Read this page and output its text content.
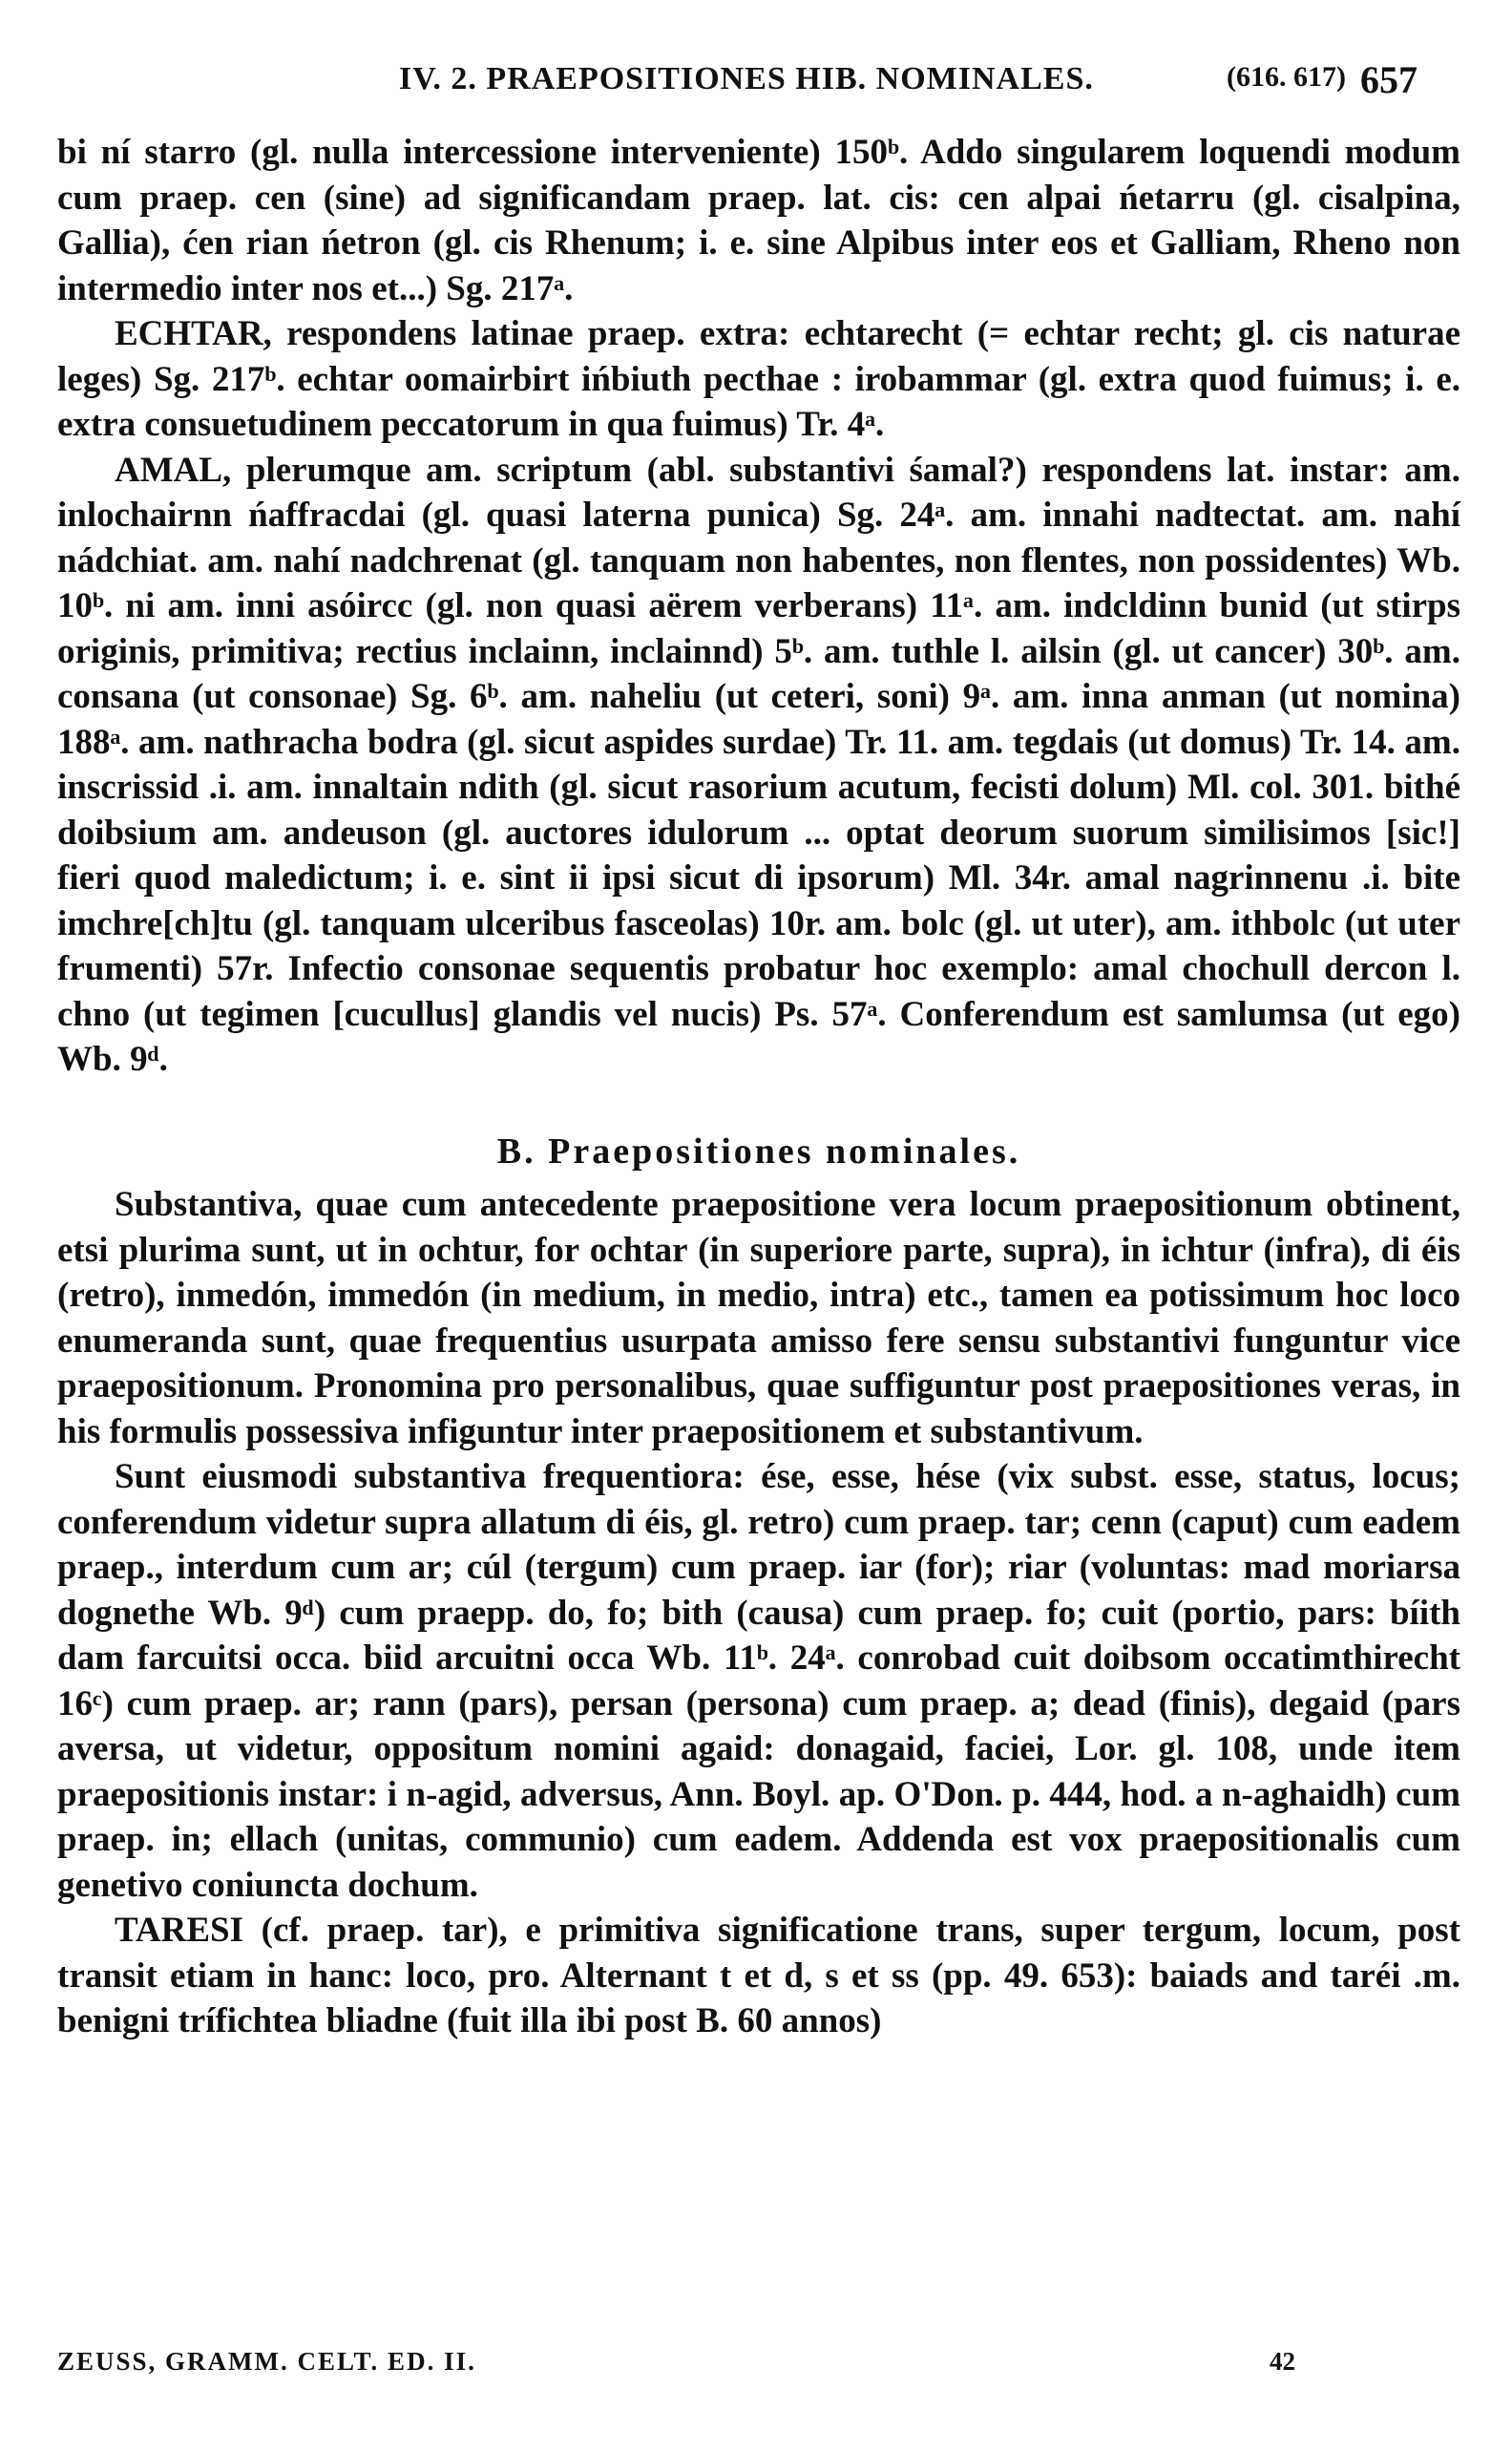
IV. 2. PRAEPOSITIONES HIB. NOMINALES.	(616. 617) 657

bi ní starro (gl. nulla intercessione interveniente) 150ᵇ. Addo singularem loquendi modum cum praep. cen (sine) ad significandam praep. lat. cis: cen alpai ńetarru (gl. cisalpina, Gallia), ćen rian ńetron (gl. cis Rhenum; i. e. sine Alpibus inter eos et Galliam, Rheno non intermedio inter nos et...) Sg. 217ᵃ.

ECHTAR, respondens latinae praep. extra: echtarecht (= echtar recht; gl. cis naturae leges) Sg. 217ᵇ. echtar oomairbirt ińbiuth pecthae : irobammar (gl. extra quod fuimus; i. e. extra consuetudinem peccatorum in qua fuimus) Tr. 4ᵃ.

AMAL, plerumque am. scriptum (abl. substantivi śamal?) respondens lat. instar: am. inlochairnn ńaffracdai (gl. quasi laterna punica) Sg. 24ᵃ. am. innahi nadtectat. am. nahí nádchiat. am. nahí nadchrenat (gl. tanquam non habentes, non flentes, non possidentes) Wb. 10ᵇ. ni am. inni asóircc (gl. non quasi aërem verberans) 11ᵃ. am. indcldinn bunid (ut stirps originis, primitiva; rectius inclainn, inclainnd) 5ᵇ. am. tuthle l. ailsin (gl. ut cancer) 30ᵇ. am. consana (ut consonae) Sg. 6ᵇ. am. naheliu (ut ceteri, soni) 9ᵃ. am. inna anman (ut nomina) 188ᵃ. am. nathracha bodra (gl. sicut aspides surdae) Tr. 11. am. tegdais (ut domus) Tr. 14. am. inscrissid .i. am. innaltain ndith (gl. sicut rasorium acutum, fecisti dolum) Ml. col. 301. bithé doibsium am. andeuson (gl. auctores idulorum ... optat deorum suorum similisimos [sic!] fieri quod maledictum; i. e. sint ii ipsi sicut di ipsorum) Ml. 34r. amal nagrinnenu .i. bite imchre[ch]tu (gl. tanquam ulceribus fasceolas) 10r. am. bolc (gl. ut uter), am. ithbolc (ut uter frumenti) 57r. Infectio consonae sequentis probatur hoc exemplo: amal chochull dercon l. chno (ut tegimen [cucullus] glandis vel nucis) Ps. 57ᵃ. Conferendum est samlumsa (ut ego) Wb. 9ᵈ.

B. Praepositiones nominales.

Substantiva, quae cum antecedente praepositione vera locum praepositionum obtinent, etsi plurima sunt, ut in ochtur, for ochtar (in superiore parte, supra), in ichtur (infra), di éis (retro), inmedón, immedón (in medium, in medio, intra) etc., tamen ea potissimum hoc loco enumeranda sunt, quae frequentius usurpata amisso fere sensu substantivi funguntur vice praepositionum. Pronomina pro personalibus, quae suffiguntur post praepositiones veras, in his formulis possessiva infiguntur inter praepositionem et substantivum.

Sunt eiusmodi substantiva frequentiora: ése, esse, hése (vix subst. esse, status, locus; conferendum videtur supra allatum di éis, gl. retro) cum praep. tar; cenn (caput) cum eadem praep., interdum cum ar; cúl (tergum) cum praep. iar (for); riar (voluntas: mad moriarsa dognethe Wb. 9ᵈ) cum praepp. do, fo; bith (causa) cum praep. fo; cuit (portio, pars: bíith dam farcuitsi occa. biid arcuitni occa Wb. 11ᵇ. 24ᵃ. conrobad cuit doibsom occatimthirecht 16ᶜ) cum praep. ar; rann (pars), persan (persona) cum praep. a; dead (finis), degaid (pars aversa, ut videtur, oppositum nomini agaid: donagaid, faciei, Lor. gl. 108, unde item praepositionis instar: i n-agid, adversus, Ann. Boyl. ap. O'Don. p. 444, hod. a n-aghaidh) cum praep. in; ellach (unitas, communio) cum eadem. Addenda est vox praepositionalis cum genetivo coniuncta dochum.

TARESI (cf. praep. tar), e primitiva significatione trans, super tergum, locum, post transit etiam in hanc: loco, pro. Alternant t et d, s et ss (pp. 49. 653): baiads and taréi .m. benigni trífichtea bliadne (fuit illa ibi post B. 60 annos)

ZEUSS, GRAMM. CELT. ED. II.	42
